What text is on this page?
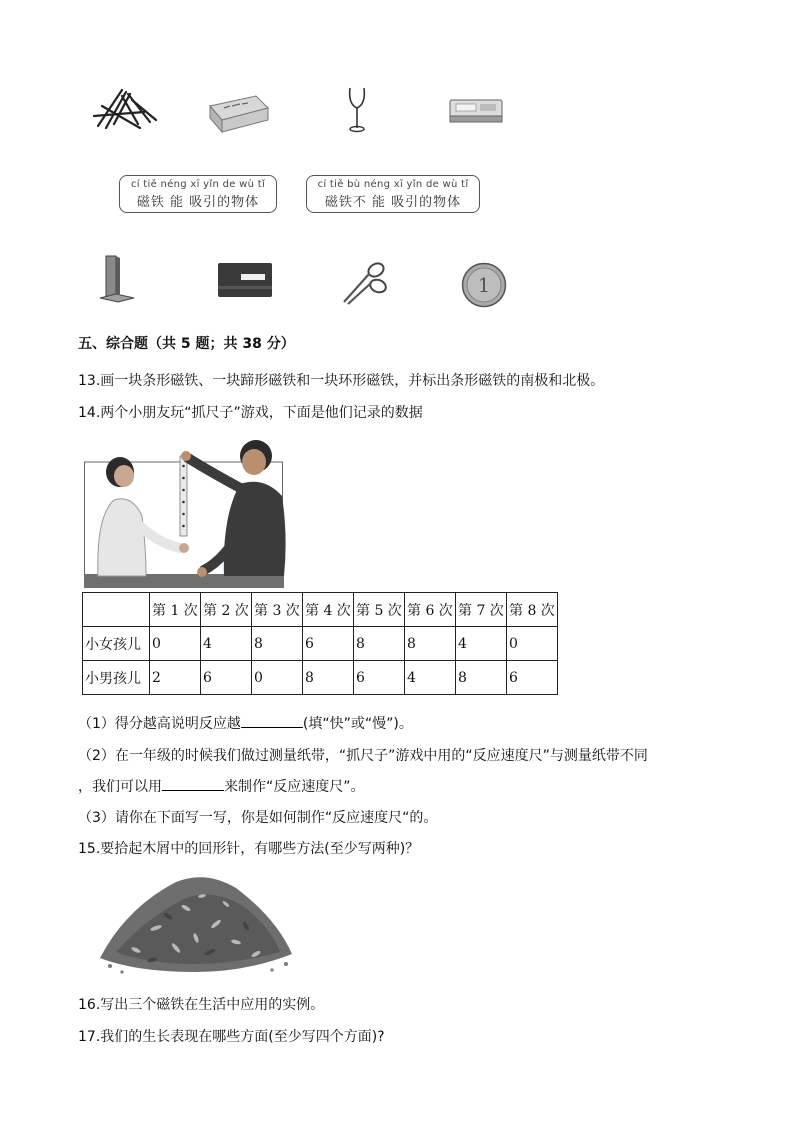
cí tiě néng xī yǐn de wù tǐ
磁铁 能 吸引的物体
cí tiě bù néng xī yǐn de wù tǐ
磁铁不 能 吸引的物体
1
五、综合题（共 5 题；共 38 分）
13.画一块条形磁铁、一块蹄形磁铁和一块环形磁铁，并标出条形磁铁的南极和北极。
14.两个小朋友玩“抓尺子”游戏，下面是他们记录的数据
	第 1 次	第 2 次	第 3 次	第 4 次	第 5 次	第 6 次	第 7 次	第 8 次
小女孩儿	0	4	8	6	8	8	4	0
小男孩儿	2	6	0	8	6	4	8	6
（1）得分越高说明反应越	(填“快”或“慢”)。
（2）在一年级的时候我们做过测量纸带，“抓尺子”游戏中用的“反应速度尺”与测量纸带不同
，我们可以用	来制作“反应速度尺”。
（3）请你在下面写一写，你是如何制作“反应速度尺“的。
15.要拾起木屑中的回形针，有哪些方法(至少写两种)？
16.写出三个磁铁在生活中应用的实例。
17.我们的生长表现在哪些方面(至少写四个方面)?
